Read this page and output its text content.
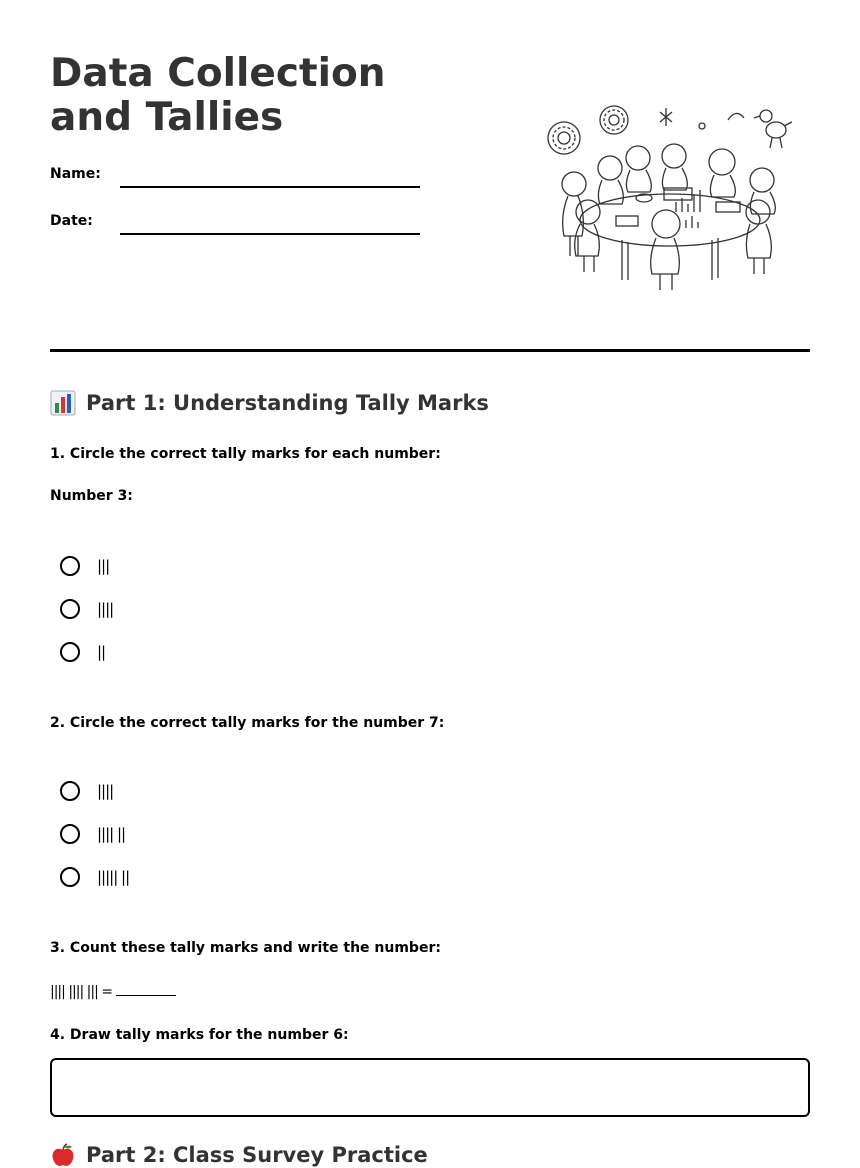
Data Collection and Tallies
Name:
Date:
Part 1: Understanding Tally Marks
1. Circle the correct tally marks for each number:
Number 3:
|||
||||
||
2. Circle the correct tally marks for the number 7:
||||
|||| ||
||||| ||
3. Count these tally marks and write the number:
|||| |||| ||| =
4. Draw tally marks for the number 6:
Part 2: Class Survey Practice
